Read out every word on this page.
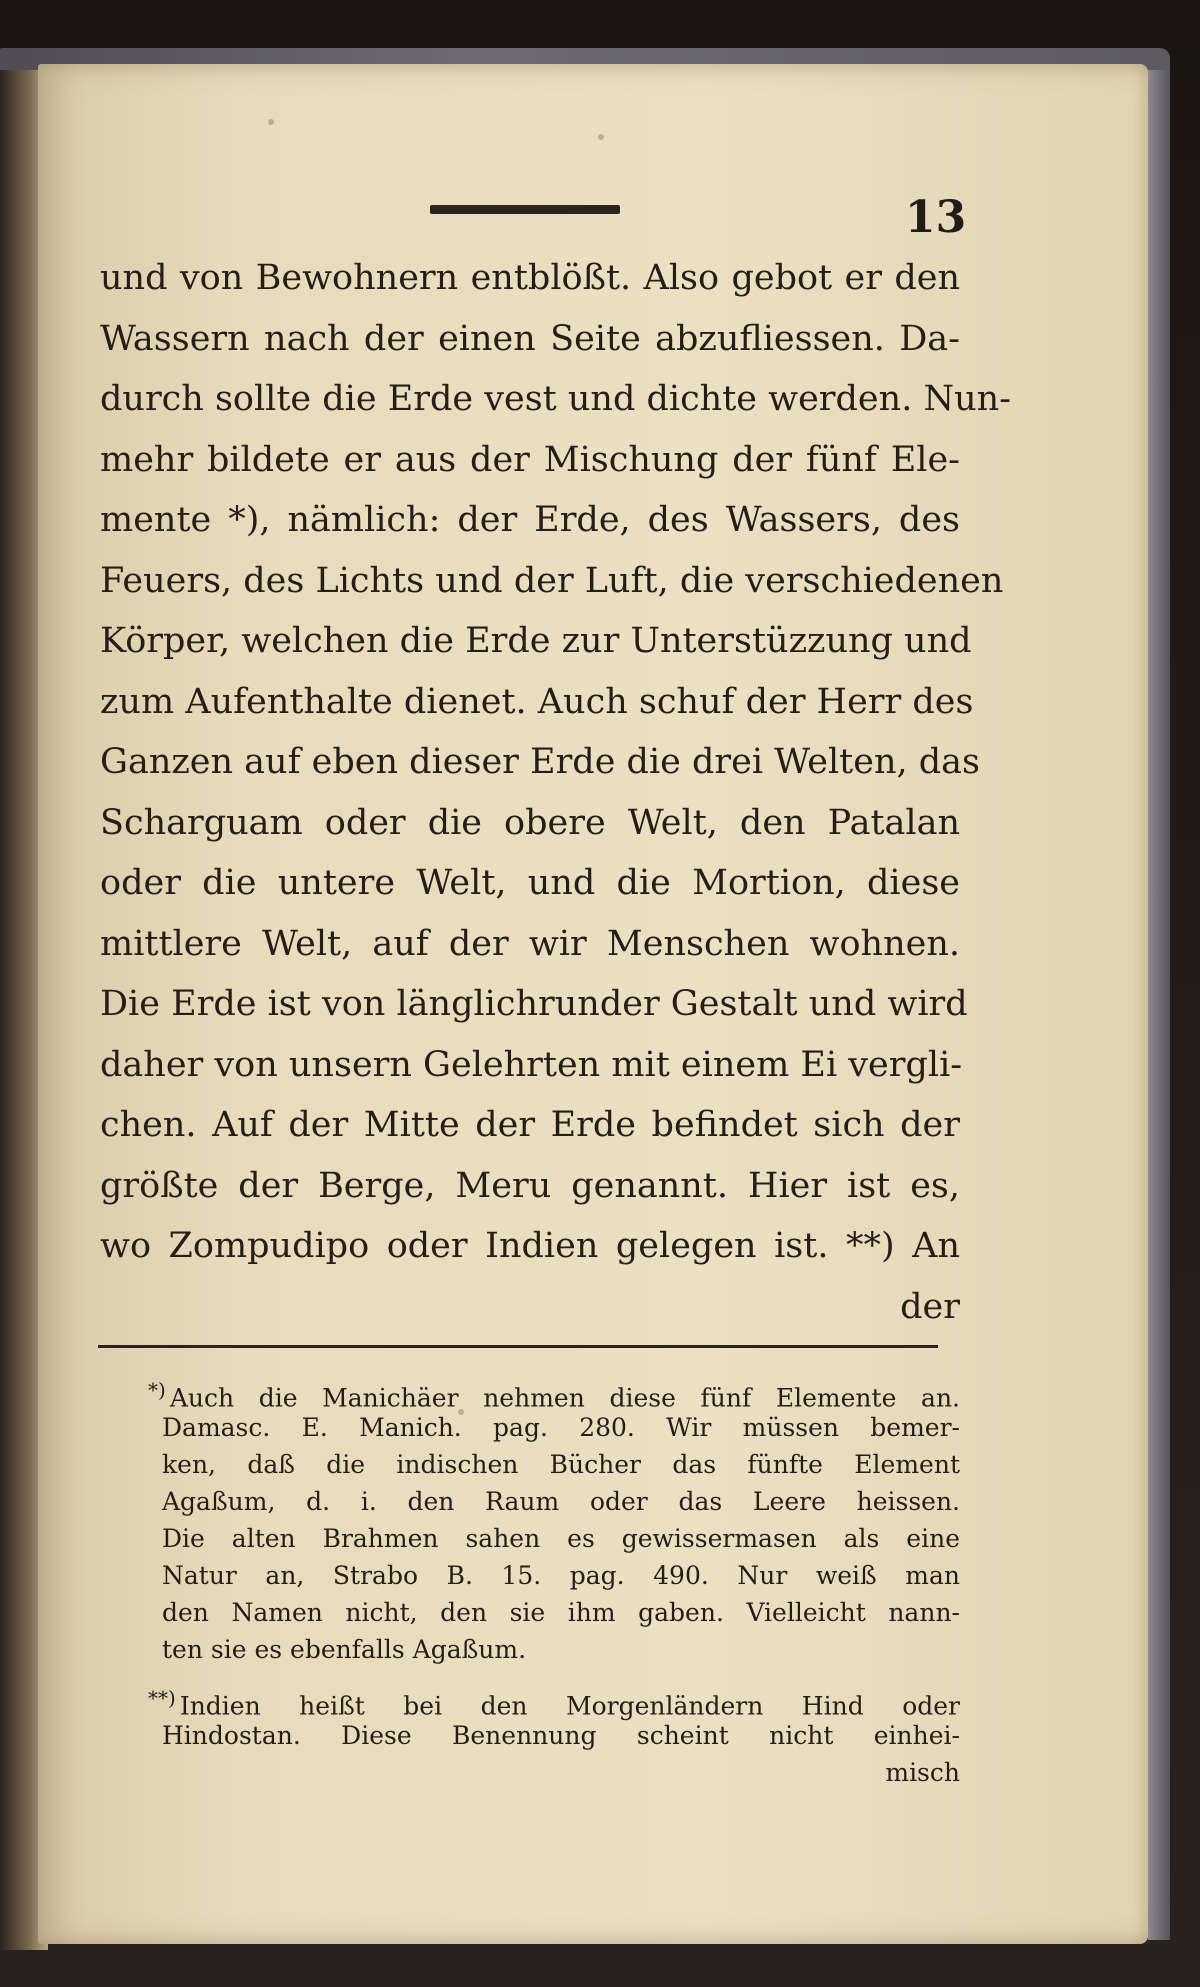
13
und von Bewohnern entblößt. Also gebot er den
Wassern nach der einen Seite abzufliessen. Da-
durch sollte die Erde vest und dichte werden. Nun-
mehr bildete er aus der Mischung der fünf Ele-
mente *), nämlich: der Erde, des Wassers, des
Feuers, des Lichts und der Luft, die verschiedenen
Körper, welchen die Erde zur Unterstüzzung und
zum Aufenthalte dienet. Auch schuf der Herr des
Ganzen auf eben dieser Erde die drei Welten, das
Scharguam oder die obere Welt, den Patalan
oder die untere Welt, und die Mortion, diese
mittlere Welt, auf der wir Menschen wohnen.
Die Erde ist von länglichrunder Gestalt und wird
daher von unsern Gelehrten mit einem Ei vergli-
chen. Auf der Mitte der Erde befindet sich der
größte der Berge, Meru genannt. Hier ist es,
wo Zompudipo oder Indien gelegen ist. **) An
der
*) Auch die Manichäer nehmen diese fünf Elemente an.
Damasc. E. Manich. pag. 280. Wir müssen bemer-
ken, daß die indischen Bücher das fünfte Element
Agaßum, d. i. den Raum oder das Leere heissen.
Die alten Brahmen sahen es gewissermasen als eine
Natur an, Strabo B. 15. pag. 490. Nur weiß man
den Namen nicht, den sie ihm gaben. Vielleicht nann-
ten sie es ebenfalls Agaßum.
**) Indien heißt bei den Morgenländern Hind oder
Hindostan. Diese Benennung scheint nicht einhei-
misch
